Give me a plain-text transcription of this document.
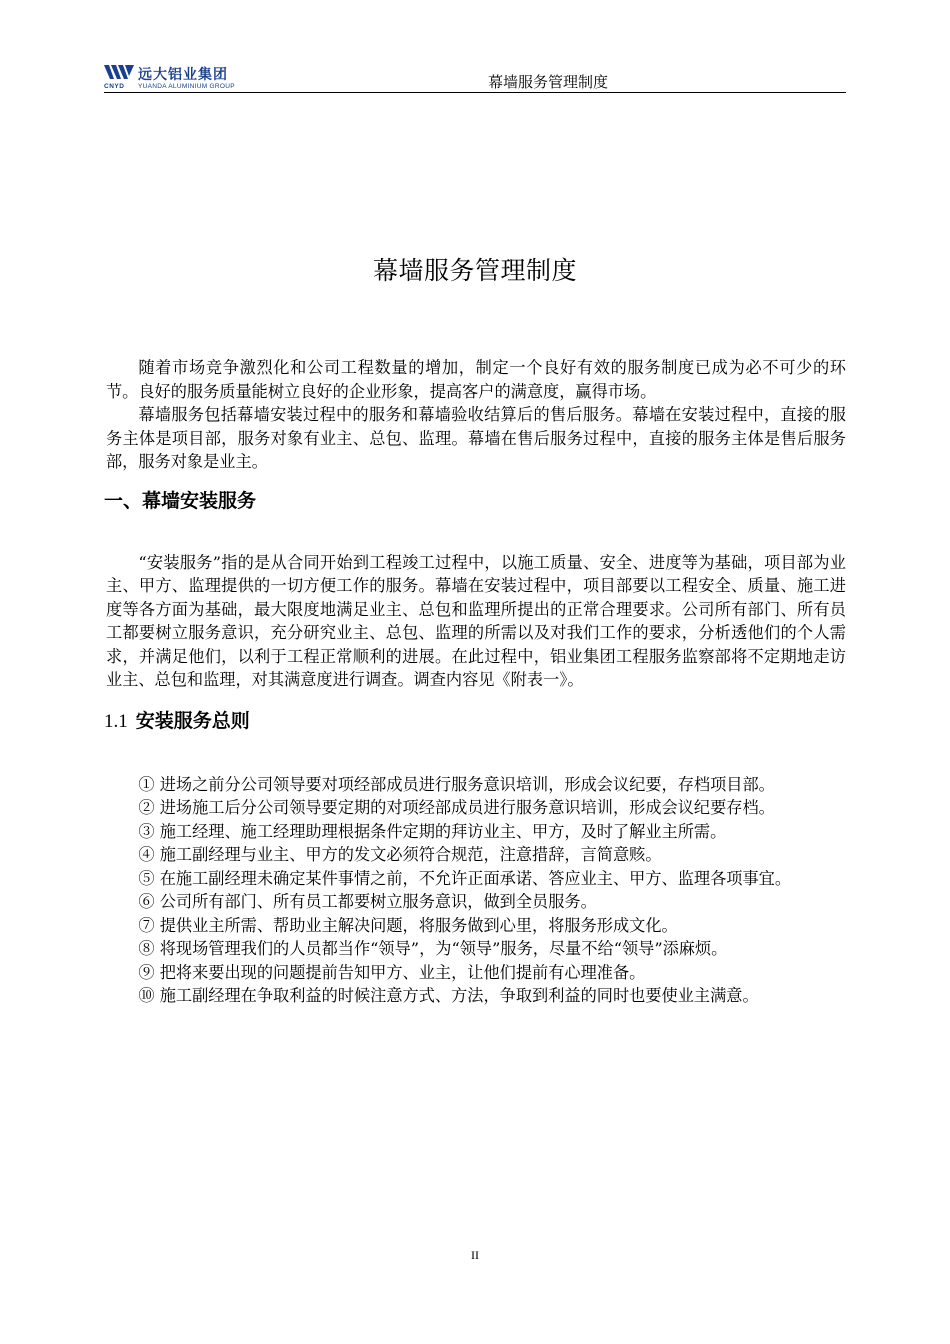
远大铝业集团
CNYD YUANDA ALUMINIUM GROUP	幕墙服务管理制度
幕墙服务管理制度

随着市场竞争激烈化和公司工程数量的增加，制定一个良好有效的服务制度已成为必不可少的环节。良好的服务质量能树立良好的企业形象，提高客户的满意度，赢得市场。

幕墙服务包括幕墙安装过程中的服务和幕墙验收结算后的售后服务。幕墙在安装过程中，直接的服务主体是项目部，服务对象有业主、总包、监理。幕墙在售后服务过程中，直接的服务主体是售后服务部，服务对象是业主。

一、幕墙安装服务

“安装服务”指的是从合同开始到工程竣工过程中，以施工质量、安全、进度等为基础，项目部为业主、甲方、监理提供的一切方便工作的服务。幕墙在安装过程中，项目部要以工程安全、质量、施工进度等各方面为基础，最大限度地满足业主、总包和监理所提出的正常合理要求。公司所有部门、所有员工都要树立服务意识，充分研究业主、总包、监理的所需以及对我们工作的要求，分析透他们的个人需求，并满足他们，以利于工程正常顺利的进展。在此过程中，铝业集团工程服务监察部将不定期地走访业主、总包和监理，对其满意度进行调查。调查内容见《附表一》。

1.1 安装服务总则

① 进场之前分公司领导要对项经部成员进行服务意识培训，形成会议纪要，存档项目部。

② 进场施工后分公司领导要定期的对项经部成员进行服务意识培训，形成会议纪要存档。

③ 施工经理、施工经理助理根据条件定期的拜访业主、甲方，及时了解业主所需。

④ 施工副经理与业主、甲方的发文必须符合规范，注意措辞，言简意赅。

⑤ 在施工副经理未确定某件事情之前，不允许正面承诺、答应业主、甲方、监理各项事宜。

⑥ 公司所有部门、所有员工都要树立服务意识，做到全员服务。

⑦ 提供业主所需、帮助业主解决问题，将服务做到心里，将服务形成文化。

⑧ 将现场管理我们的人员都当作“领导”，为“领导”服务，尽量不给“领导”添麻烦。

⑨ 把将来要出现的问题提前告知甲方、业主，让他们提前有心理准备。

⑩ 施工副经理在争取利益的时候注意方式、方法，争取到利益的同时也要使业主满意。

II
